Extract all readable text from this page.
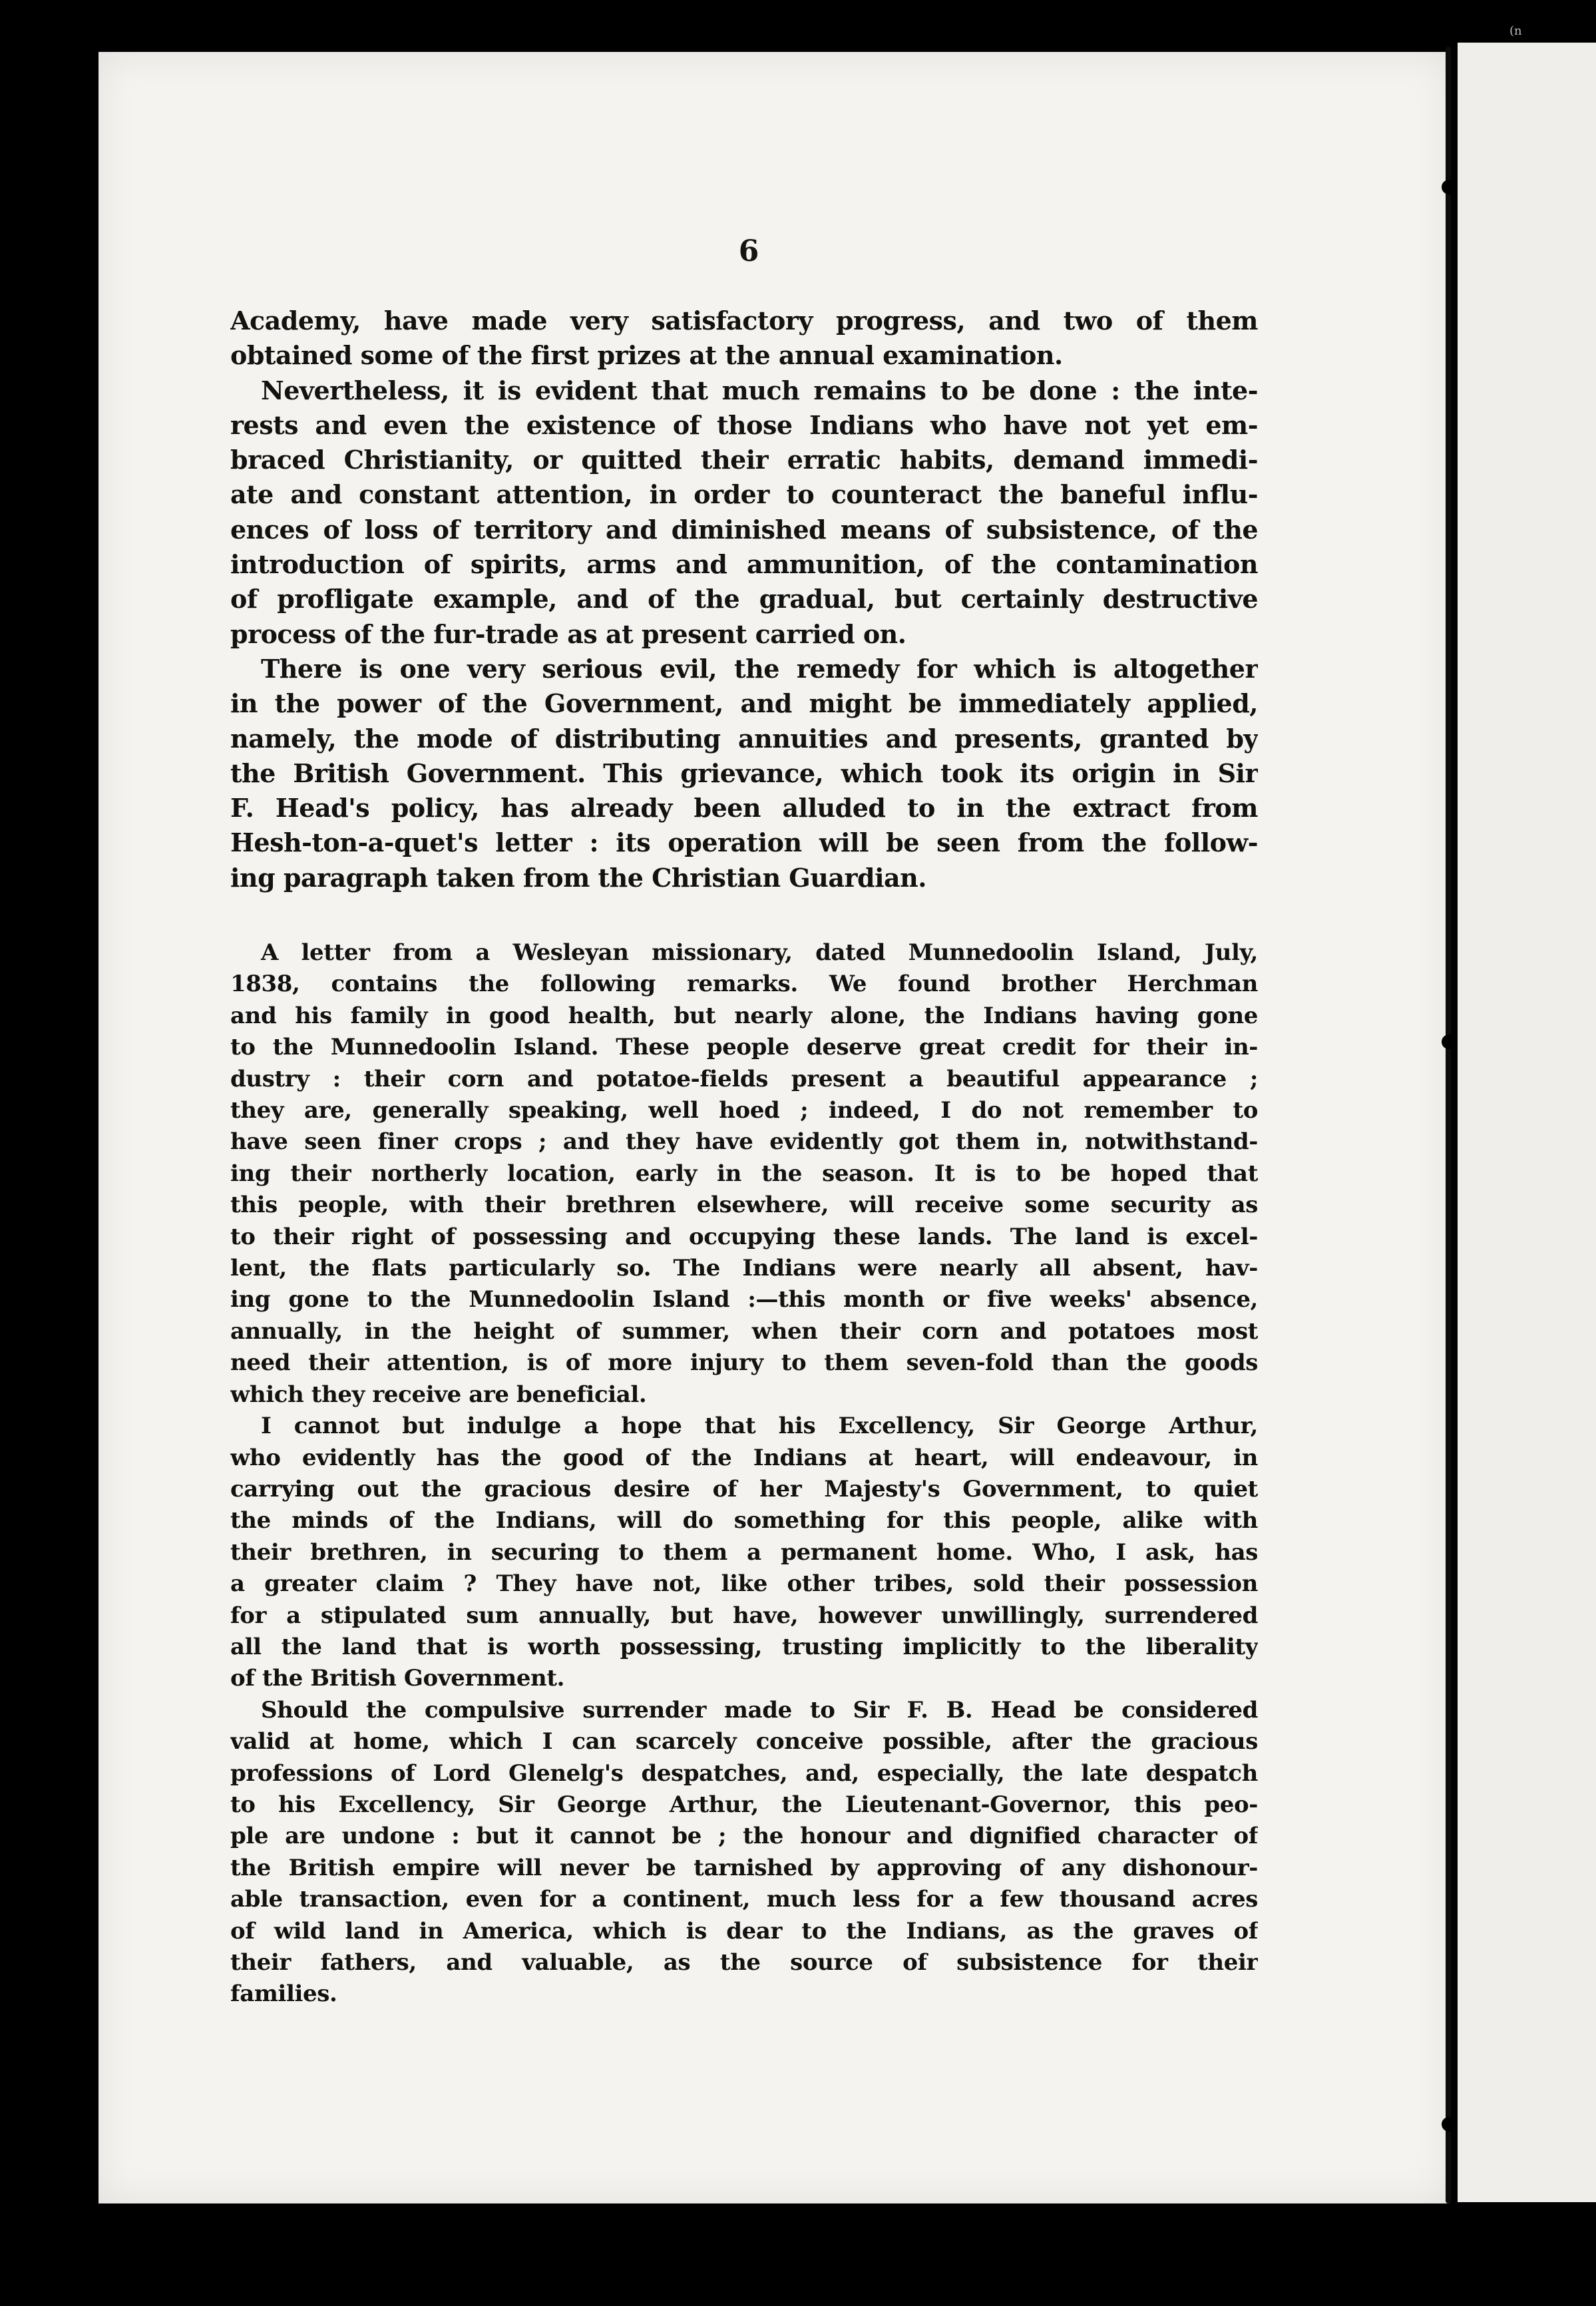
(n
6
Academy, have made very satisfactory progress, and two of them
obtained some of the first prizes at the annual examination.
Nevertheless, it is evident that much remains to be done : the inte-
rests and even the existence of those Indians who have not yet em-
braced Christianity, or quitted their erratic habits, demand immedi-
ate and constant attention, in order to counteract the baneful influ-
ences of loss of territory and diminished means of subsistence, of the
introduction of spirits, arms and ammunition, of the contamination
of profligate example, and of the gradual, but certainly destructive
process of the fur-trade as at present carried on.
There is one very serious evil, the remedy for which is altogether
in the power of the Government, and might be immediately applied,
namely, the mode of distributing annuities and presents, granted by
the British Government. This grievance, which took its origin in Sir
F. Head's policy, has already been alluded to in the extract from
Hesh-ton-a-quet's letter : its operation will be seen from the follow-
ing paragraph taken from the Christian Guardian.
A letter from a Wesleyan missionary, dated Munnedoolin Island, July,
1838, contains the following remarks. We found brother Herchman
and his family in good health, but nearly alone, the Indians having gone
to the Munnedoolin Island. These people deserve great credit for their in-
dustry : their corn and potatoe-fields present a beautiful appearance ;
they are, generally speaking, well hoed ; indeed, I do not remember to
have seen finer crops ; and they have evidently got them in, notwithstand-
ing their northerly location, early in the season. It is to be hoped that
this people, with their brethren elsewhere, will receive some security as
to their right of possessing and occupying these lands. The land is excel-
lent, the flats particularly so. The Indians were nearly all absent, hav-
ing gone to the Munnedoolin Island :—this month or five weeks' absence,
annually, in the height of summer, when their corn and potatoes most
need their attention, is of more injury to them seven-fold than the goods
which they receive are beneficial.
I cannot but indulge a hope that his Excellency, Sir George Arthur,
who evidently has the good of the Indians at heart, will endeavour, in
carrying out the gracious desire of her Majesty's Government, to quiet
the minds of the Indians, will do something for this people, alike with
their brethren, in securing to them a permanent home. Who, I ask, has
a greater claim ? They have not, like other tribes, sold their possession
for a stipulated sum annually, but have, however unwillingly, surrendered
all the land that is worth possessing, trusting implicitly to the liberality
of the British Government.
Should the compulsive surrender made to Sir F. B. Head be considered
valid at home, which I can scarcely conceive possible, after the gracious
professions of Lord Glenelg's despatches, and, especially, the late despatch
to his Excellency, Sir George Arthur, the Lieutenant-Governor, this peo-
ple are undone : but it cannot be ; the honour and dignified character of
the British empire will never be tarnished by approving of any dishonour-
able transaction, even for a continent, much less for a few thousand acres
of wild land in America, which is dear to the Indians, as the graves of
their fathers, and valuable, as the source of subsistence for their
families.
